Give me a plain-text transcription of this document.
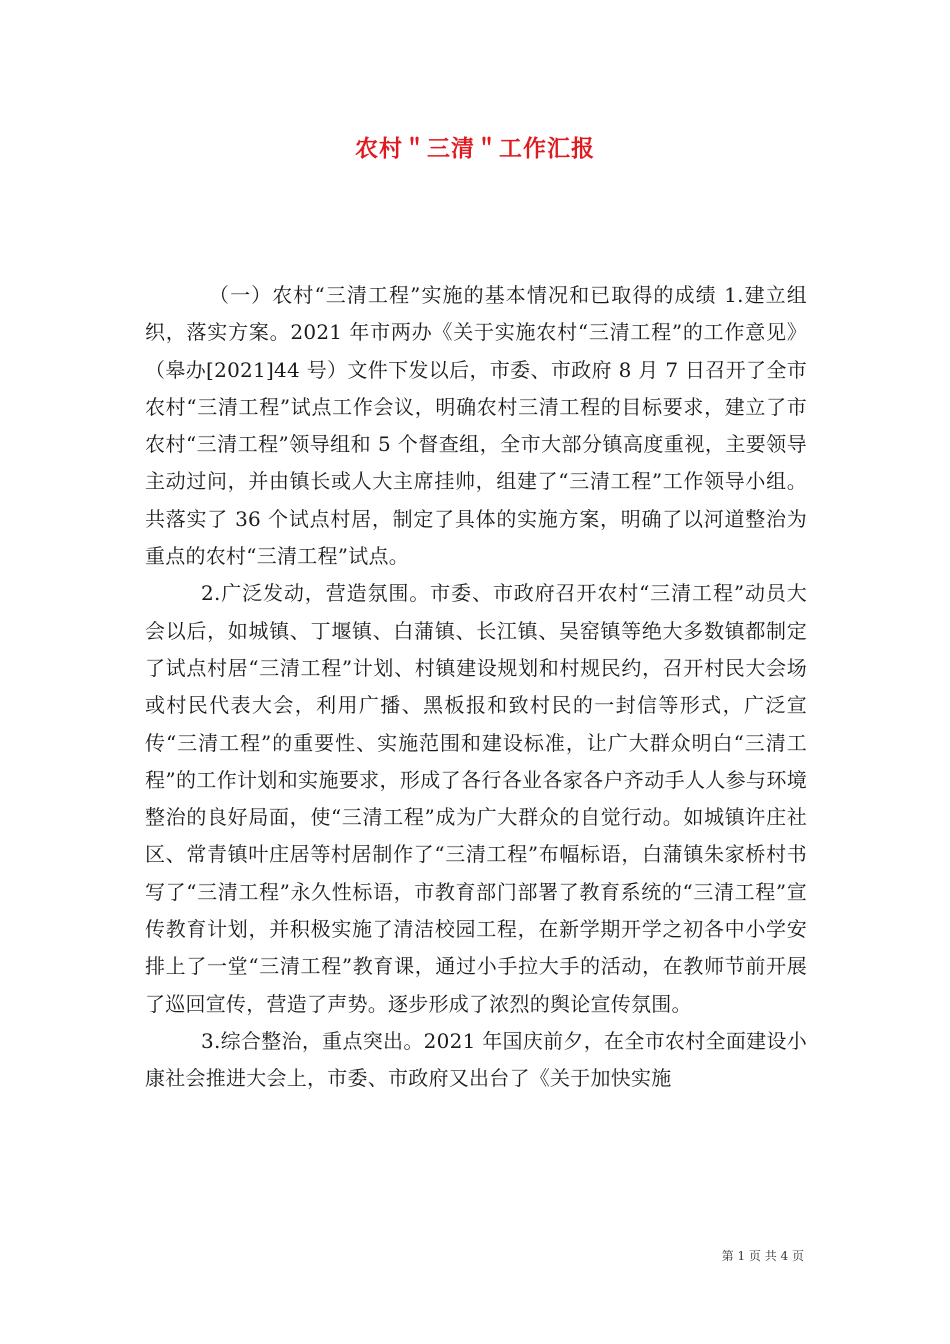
农村＂三清＂工作汇报

（一）农村“三清工程”实施的基本情况和已取得的成绩 1.建立组织，落实方案。2021 年市两办《关于实施农村“三清工程”的工作意见》（皋办[2021]44 号）文件下发以后，市委、市政府 8 月 7 日召开了全市农村“三清工程”试点工作会议，明确农村三清工程的目标要求，建立了市农村“三清工程”领导组和 5 个督查组，全市大部分镇高度重视，主要领导主动过问，并由镇长或人大主席挂帅，组建了“三清工程”工作领导小组。共落实了 36 个试点村居，制定了具体的实施方案，明确了以河道整治为重点的农村“三清工程”试点。

2.广泛发动，营造氛围。市委、市政府召开农村“三清工程”动员大会以后，如城镇、丁堰镇、白蒲镇、长江镇、吴窑镇等绝大多数镇都制定了试点村居“三清工程”计划、村镇建设规划和村规民约，召开村民大会场或村民代表大会，利用广播、黑板报和致村民的一封信等形式，广泛宣传“三清工程”的重要性、实施范围和建设标准，让广大群众明白“三清工程”的工作计划和实施要求，形成了各行各业各家各户齐动手人人参与环境整治的良好局面，使“三清工程”成为广大群众的自觉行动。如城镇许庄社区、常青镇叶庄居等村居制作了“三清工程”布幅标语，白蒲镇朱家桥村书写了“三清工程”永久性标语，市教育部门部署了教育系统的“三清工程”宣传教育计划，并积极实施了清洁校园工程，在新学期开学之初各中小学安排上了一堂“三清工程”教育课，通过小手拉大手的活动，在教师节前开展了巡回宣传，营造了声势。逐步形成了浓烈的舆论宣传氛围。

3.综合整治，重点突出。2021 年国庆前夕，在全市农村全面建设小康社会推进大会上，市委、市政府又出台了《关于加快实施

第 1 页 共 4 页
